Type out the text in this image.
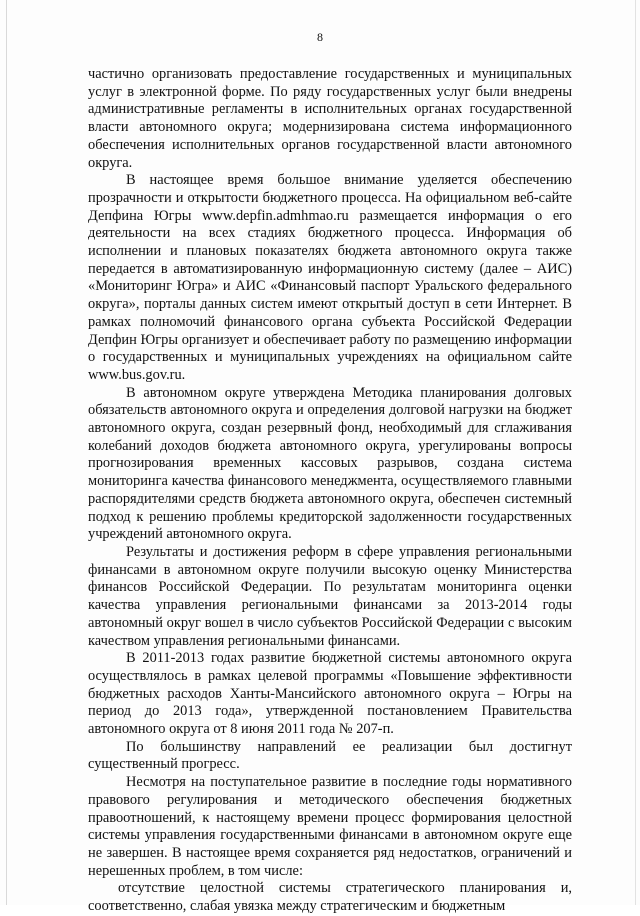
8

частично организовать предоставление государственных и муниципальных услуг в электронной форме. По ряду государственных услуг были внедрены административные регламенты в исполнительных органах государственной власти автономного округа; модернизирована система информационного обеспечения исполнительных органов государственной власти автономного округа.

В настоящее время большое внимание уделяется обеспечению прозрачности и открытости бюджетного процесса. На официальном веб-сайте Депфина Югры www.depfin.admhmao.ru размещается информация о его деятельности на всех стадиях бюджетного процесса. Информация об исполнении и плановых показателях бюджета автономного округа также передается в автоматизированную информационную систему (далее – АИС) «Мониторинг Югра» и АИС «Финансовый паспорт Уральского федерального округа», порталы данных систем имеют открытый доступ в сети Интернет. В рамках полномочий финансового органа субъекта Российской Федерации Депфин Югры организует и обеспечивает работу по размещению информации о государственных и муниципальных учреждениях на официальном сайте www.bus.gov.ru.

В автономном округе утверждена Методика планирования долговых обязательств автономного округа и определения долговой нагрузки на бюджет автономного округа, создан резервный фонд, необходимый для сглаживания колебаний доходов бюджета автономного округа, урегулированы вопросы прогнозирования временных кассовых разрывов, создана система мониторинга качества финансового менеджмента, осуществляемого главными распорядителями средств бюджета автономного округа, обеспечен системный подход к решению проблемы кредиторской задолженности государственных учреждений автономного округа.

Результаты и достижения реформ в сфере управления региональными финансами в автономном округе получили высокую оценку Министерства финансов Российской Федерации. По результатам мониторинга оценки качества управления региональными финансами за 2013-2014 годы автономный округ вошел в число субъектов Российской Федерации с высоким качеством управления региональными финансами.

В 2011-2013 годах развитие бюджетной системы автономного округа осуществлялось в рамках целевой программы «Повышение эффективности бюджетных расходов Ханты-Мансийского автономного округа – Югры на период до 2013 года», утвержденной постановлением Правительства автономного округа от 8 июня 2011 года № 207-п.

По большинству направлений ее реализации был достигнут существенный прогресс.

Несмотря на поступательное развитие в последние годы нормативного правового регулирования и методического обеспечения бюджетных правоотношений, к настоящему времени процесс формирования целостной системы управления государственными финансами в автономном округе еще не завершен. В настоящее время сохраняется ряд недостатков, ограничений и нерешенных проблем, в том числе:

отсутствие целостной системы стратегического планирования и, соответственно, слабая увязка между стратегическим и бюджетным
